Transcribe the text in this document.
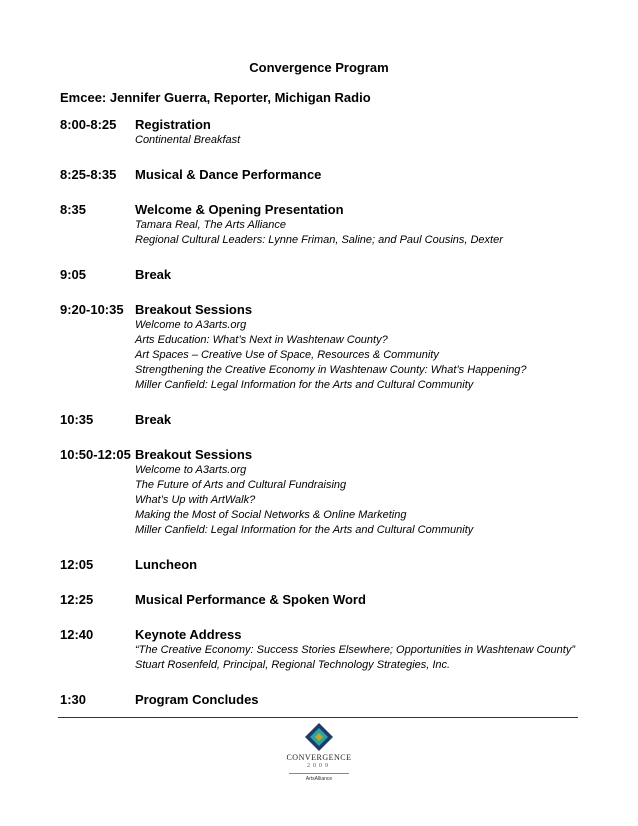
Convergence Program
Emcee: Jennifer Guerra, Reporter, Michigan Radio
8:00-8:25	Registration
Continental Breakfast
8:25-8:35	Musical & Dance Performance
8:35	Welcome & Opening Presentation
Tamara Real, The Arts Alliance
Regional Cultural Leaders: Lynne Friman, Saline; and Paul Cousins, Dexter
9:05	Break
9:20-10:35 Breakout Sessions
Welcome to A3arts.org
Arts Education: What’s Next in Washtenaw County?
Art Spaces – Creative Use of Space, Resources & Community
Strengthening the Creative Economy in Washtenaw County: What’s Happening?
Miller Canfield: Legal Information for the Arts and Cultural Community
10:35	Break
10:50-12:05 Breakout Sessions
Welcome to A3arts.org
The Future of Arts and Cultural Fundraising
What’s Up with ArtWalk?
Making the Most of Social Networks & Online Marketing
Miller Canfield: Legal Information for the Arts and Cultural Community
12:05	Luncheon
12:25	Musical Performance & Spoken Word
12:40	Keynote Address
“The Creative Economy: Success Stories Elsewhere; Opportunities in Washtenaw County”
Stuart Rosenfeld, Principal, Regional Technology Strategies, Inc.
1:30	Program Concludes
CONVERGENCE
2009
ArtsAlliance
